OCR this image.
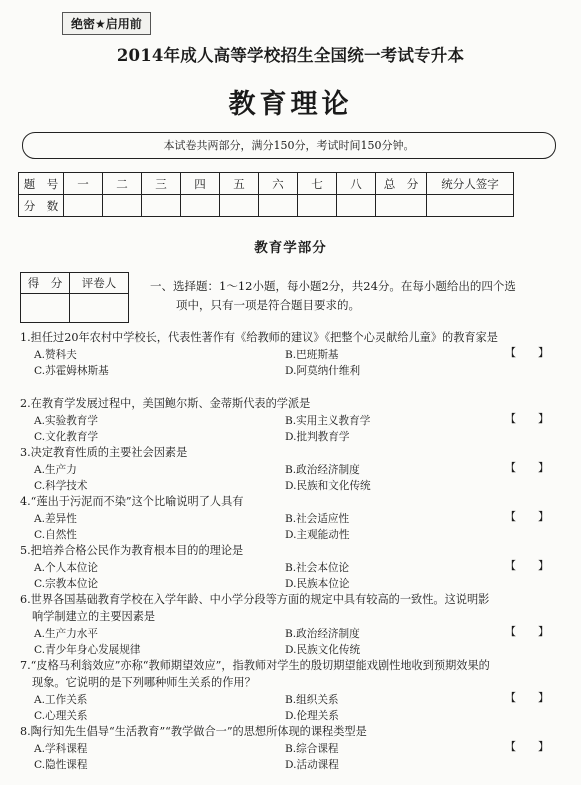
绝密★启用前
2014年成人高等学校招生全国统一考试专升本
教育理论
本试卷共两部分，满分150分，考试时间150分钟。
题　号	一	二	三	四	五	六	七	八	总　分	统分人签字
分　数										
教育学部分
得　分	评卷人
		一、选择题：1～12小题，每小题2分，共24分。在每小题给出的四个选
项中，只有一项是符合题目要求的。
1.担任过20年农村中学校长，代表性著作有《给教师的建议》《把整个心灵献给儿童》的教育家是
【　　】
A.赞科夫	B.巴班斯基
C.苏霍姆林斯基	D.阿莫纳什维利
2.在教育学发展过程中，美国鲍尔斯、金蒂斯代表的学派是
【　　】
A.实验教育学	B.实用主义教育学
C.文化教育学	D.批判教育学
3.决定教育性质的主要社会因素是
【　　】
A.生产力	B.政治经济制度
C.科学技术	D.民族和文化传统
4.“莲出于污泥而不染”这个比喻说明了人具有
【　　】
A.差异性	B.社会适应性
C.自然性	D.主观能动性
5.把培养合格公民作为教育根本目的的理论是
【　　】
A.个人本位论	B.社会本位论
C.宗教本位论	D.民族本位论
6.世界各国基础教育学校在入学年龄、中小学分段等方面的规定中具有较高的一致性。这说明影
响学制建立的主要因素是
【　　】
A.生产力水平	B.政治经济制度
C.青少年身心发展规律	D.民族文化传统
7.“皮格马利翁效应”亦称“教师期望效应”，指教师对学生的殷切期望能戏剧性地收到预期效果的
现象。它说明的是下列哪种师生关系的作用？
【　　】
A.工作关系	B.组织关系
C.心理关系	D.伦理关系
8.陶行知先生倡导“生活教育”“教学做合一”的思想所体现的课程类型是
【　　】
A.学科课程	B.综合课程
C.隐性课程	D.活动课程
